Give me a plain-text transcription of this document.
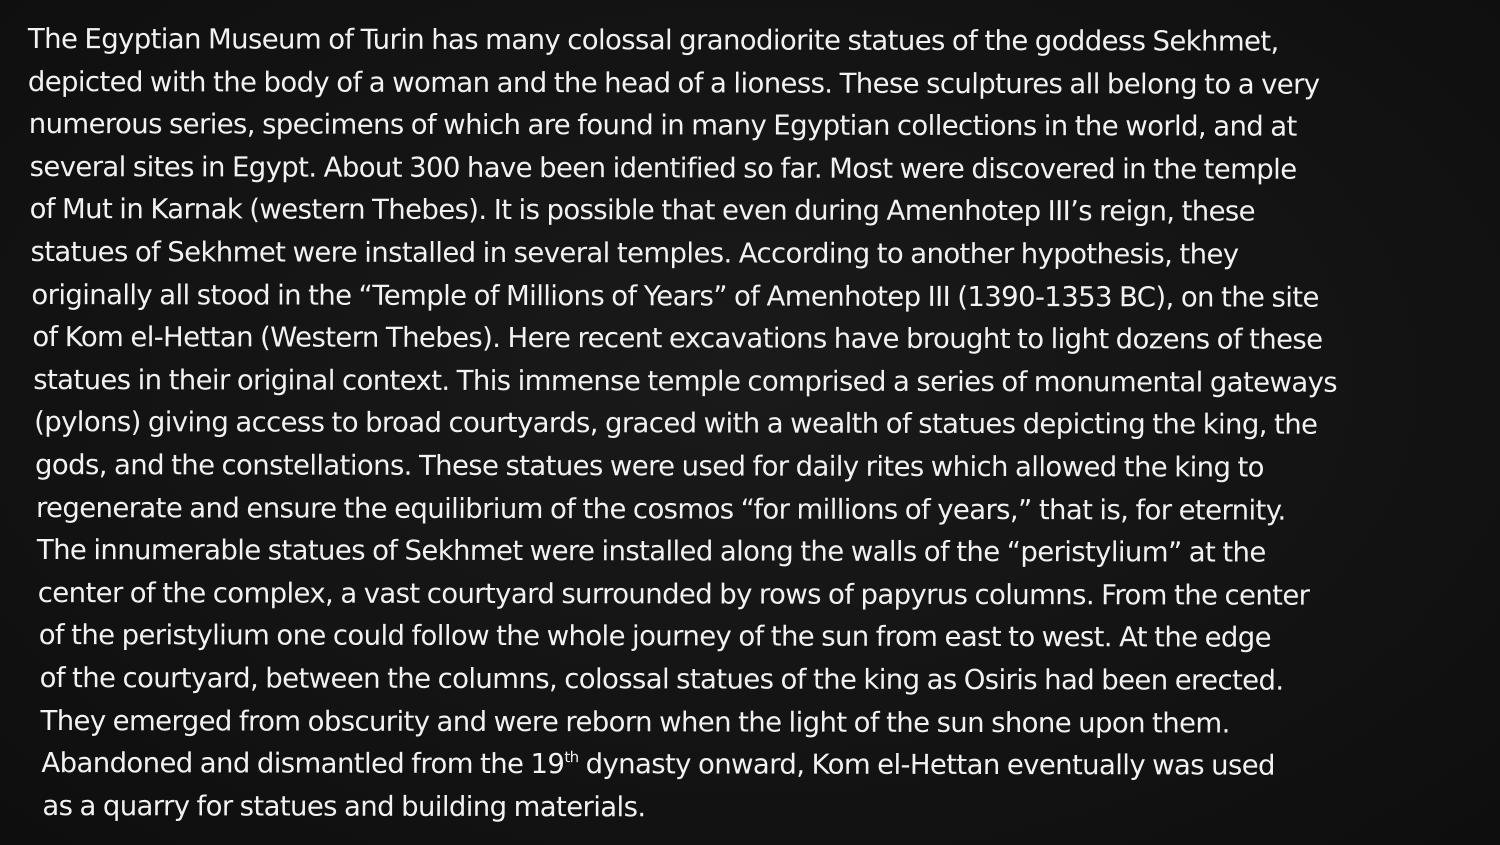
The Egyptian Museum of Turin has many colossal granodiorite statues of the goddess Sekhmet,
depicted with the body of a woman and the head of a lioness. These sculptures all belong to a very
numerous series, specimens of which are found in many Egyptian collections in the world, and at
several sites in Egypt. About 300 have been identified so far. Most were discovered in the temple
of Mut in Karnak (western Thebes). It is possible that even during Amenhotep III’s reign, these
statues of Sekhmet were installed in several temples. According to another hypothesis, they
originally all stood in the “Temple of Millions of Years” of Amenhotep III (1390-1353 BC), on the site
of Kom el-Hettan (Western Thebes). Here recent excavations have brought to light dozens of these
statues in their original context. This immense temple comprised a series of monumental gateways
(pylons) giving access to broad courtyards, graced with a wealth of statues depicting the king, the
gods, and the constellations. These statues were used for daily rites which allowed the king to
regenerate and ensure the equilibrium of the cosmos “for millions of years,” that is, for eternity.
The innumerable statues of Sekhmet were installed along the walls of the “peristylium” at the
center of the complex, a vast courtyard surrounded by rows of papyrus columns. From the center
of the peristylium one could follow the whole journey of the sun from east to west. At the edge
of the courtyard, between the columns, colossal statues of the king as Osiris had been erected.
They emerged from obscurity and were reborn when the light of the sun shone upon them.
Abandoned and dismantled from the 19th dynasty onward, Kom el-Hettan eventually was used
as a quarry for statues and building materials.
